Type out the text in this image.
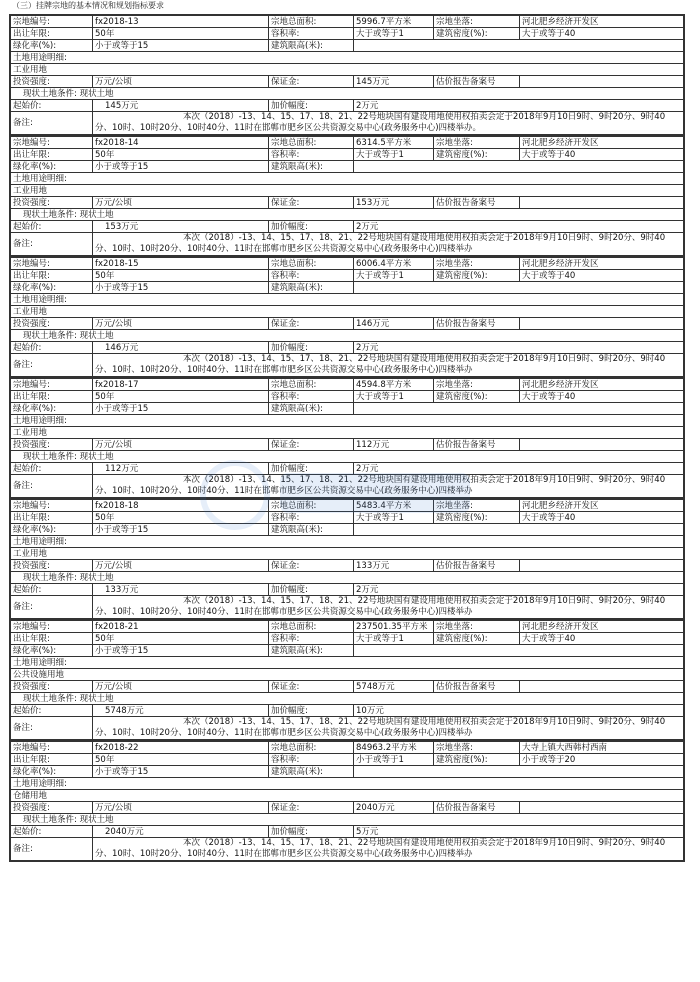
（三）挂牌宗地的基本情况和规划指标要求
宗地编号:	fx2018-13	宗地总面积:	5996.7平方米	宗地坐落:	河北肥乡经济开发区
出让年限:	50年	容积率:	大于或等于1	建筑密度(%):	大于或等于40
绿化率(%):	小于或等于15	建筑限高(米):			
土地用途明细:					
工业用地					
投资强度:	万元/公顷	保证金:	145万元	估价报告备案号	
现状土地条件: 现状土地					
起始价:	145万元	加价幅度:	2万元		
备注:	本次（2018）-13、14、15、17、18、21、22号地块国有建设用地使用权拍卖会定于2018年9月10日9时、9时20分、9时40分、10时、10时20分、10时40分、11时在邯郸市肥乡区公共资源交易中心(政务服务中心)四楼举办。				
宗地编号:	fx2018-14	宗地总面积:	6314.5平方米	宗地坐落:	河北肥乡经济开发区
出让年限:	50年	容积率:	大于或等于1	建筑密度(%):	大于或等于40
绿化率(%):	小于或等于15	建筑限高(米):			
土地用途明细:					
工业用地					
投资强度:	万元/公顷	保证金:	153万元	估价报告备案号	
现状土地条件: 现状土地					
起始价:	153万元	加价幅度:	2万元		
备注:	本次（2018）-13、14、15、17、18、21、22号地块国有建设用地使用权拍卖会定于2018年9月10日9时、9时20分、9时40分、10时、10时20分、10时40分、11时在邯郸市肥乡区公共资源交易中心(政务服务中心)四楼举办				
宗地编号:	fx2018-15	宗地总面积:	6006.4平方米	宗地坐落:	河北肥乡经济开发区
出让年限:	50年	容积率:	大于或等于1	建筑密度(%):	大于或等于40
绿化率(%):	小于或等于15	建筑限高(米):			
土地用途明细:					
工业用地					
投资强度:	万元/公顷	保证金:	146万元	估价报告备案号	
现状土地条件: 现状土地					
起始价:	146万元	加价幅度:	2万元		
备注:	本次（2018）-13、14、15、17、18、21、22号地块国有建设用地使用权拍卖会定于2018年9月10日9时、9时20分、9时40分、10时、10时20分、10时40分、11时在邯郸市肥乡区公共资源交易中心(政务服务中心)四楼举办				
宗地编号:	fx2018-17	宗地总面积:	4594.8平方米	宗地坐落:	河北肥乡经济开发区
出让年限:	50年	容积率:	大于或等于1	建筑密度(%):	大于或等于40
绿化率(%):	小于或等于15	建筑限高(米):			
土地用途明细:					
工业用地					
投资强度:	万元/公顷	保证金:	112万元	估价报告备案号	
现状土地条件: 现状土地					
起始价:	112万元	加价幅度:	2万元		
备注:	本次（2018）-13、14、15、17、18、21、22号地块国有建设用地使用权拍卖会定于2018年9月10日9时、9时20分、9时40分、10时、10时20分、10时40分、11时在邯郸市肥乡区公共资源交易中心(政务服务中心)四楼举办				
宗地编号:	fx2018-18	宗地总面积:	5483.4平方米	宗地坐落:	河北肥乡经济开发区
出让年限:	50年	容积率:	大于或等于1	建筑密度(%):	大于或等于40
绿化率(%):	小于或等于15	建筑限高(米):			
土地用途明细:					
工业用地					
投资强度:	万元/公顷	保证金:	133万元	估价报告备案号	
现状土地条件: 现状土地					
起始价:	133万元	加价幅度:	2万元		
备注:	本次（2018）-13、14、15、17、18、21、22号地块国有建设用地使用权拍卖会定于2018年9月10日9时、9时20分、9时40分、10时、10时20分、10时40分、11时在邯郸市肥乡区公共资源交易中心(政务服务中心)四楼举办				
宗地编号:	fx2018-21	宗地总面积:	237501.35平方米	宗地坐落:	河北肥乡经济开发区
出让年限:	50年	容积率:	大于或等于1	建筑密度(%):	大于或等于40
绿化率(%):	小于或等于15	建筑限高(米):			
土地用途明细:					
公共设施用地					
投资强度:	万元/公顷	保证金:	5748万元	估价报告备案号	
现状土地条件: 现状土地					
起始价:	5748万元	加价幅度:	10万元		
备注:	本次（2018）-13、14、15、17、18、21、22号地块国有建设用地使用权拍卖会定于2018年9月10日9时、9时20分、9时40分、10时、10时20分、10时40分、11时在邯郸市肥乡区公共资源交易中心(政务服务中心)四楼举办				
宗地编号:	fx2018-22	宗地总面积:	84963.2平方米	宗地坐落:	大寺上镇大西韩村西南
出让年限:	50年	容积率:	小于或等于1	建筑密度(%):	小于或等于20
绿化率(%):	小于或等于15	建筑限高(米):			
土地用途明细:					
仓储用地					
投资强度:	万元/公顷	保证金:	2040万元	估价报告备案号	
现状土地条件: 现状土地					
起始价:	2040万元	加价幅度:	5万元		
备注:	本次（2018）-13、14、15、17、18、21、22号地块国有建设用地使用权拍卖会定于2018年9月10日9时、9时20分、9时40分、10时、10时20分、10时40分、11时在邯郸市肥乡区公共资源交易中心(政务服务中心)四楼举办				
